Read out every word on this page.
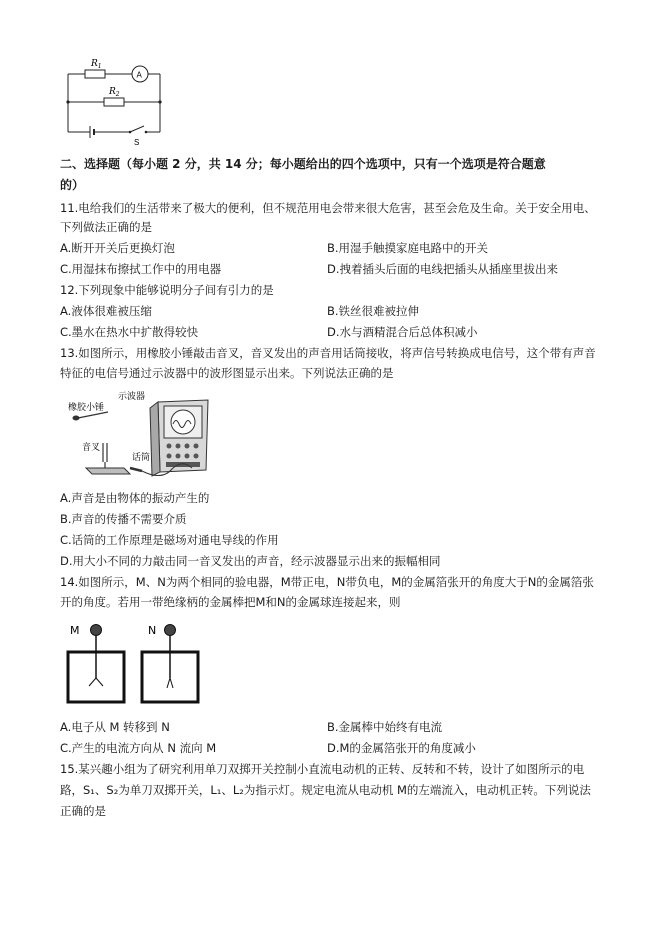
$R_1$
A
$R_2$
S
二、选择题（每小题 2 分，共 14 分；每小题给出的四个选项中，只有一个选项是符合题意
的）
11.电给我们的生活带来了极大的便利，但不规范用电会带来很大危害，甚至会危及生命。关于安全用电、
下列做法正确的是
A.断开开关后更换灯泡	B.用湿手触摸家庭电路中的开关
C.用湿抹布擦拭工作中的用电器	D.拽着插头后面的电线把插头从插座里拔出来
12.下列现象中能够说明分子间有引力的是
A.液体很难被压缩	B.铁丝很难被拉伸
C.墨水在热水中扩散得较快	D.水与酒精混合后总体积减小
13.如图所示，用橡胶小锤敲击音叉，音叉发出的声音用话筒接收，将声信号转换成电信号，这个带有声音
特征的电信号通过示波器中的波形图显示出来。下列说法正确的是
示波器
橡胶小锤
音叉
话筒
A.声音是由物体的振动产生的
B.声音的传播不需要介质
C.话筒的工作原理是磁场对通电导线的作用
D.用大小不同的力敲击同一音叉发出的声音，经示波器显示出来的振幅相同
14.如图所示，M、N为两个相同的验电器，M带正电，N带负电，M的金属箔张开的角度大于N的金属箔张
开的角度。若用一带绝缘柄的金属棒把M和N的金属球连接起来，则
M	N
A.电子从 M 转移到 N	B.金属棒中始终有电流
C.产生的电流方向从 N 流向 M	D.M的金属箔张开的角度减小
15.某兴趣小组为了研究利用单刀双掷开关控制小直流电动机的正转、反转和不转，设计了如图所示的电
路，S₁、S₂为单刀双掷开关，L₁、L₂为指示灯。规定电流从电动机 M的左端流入，电动机正转。下列说法
正确的是
